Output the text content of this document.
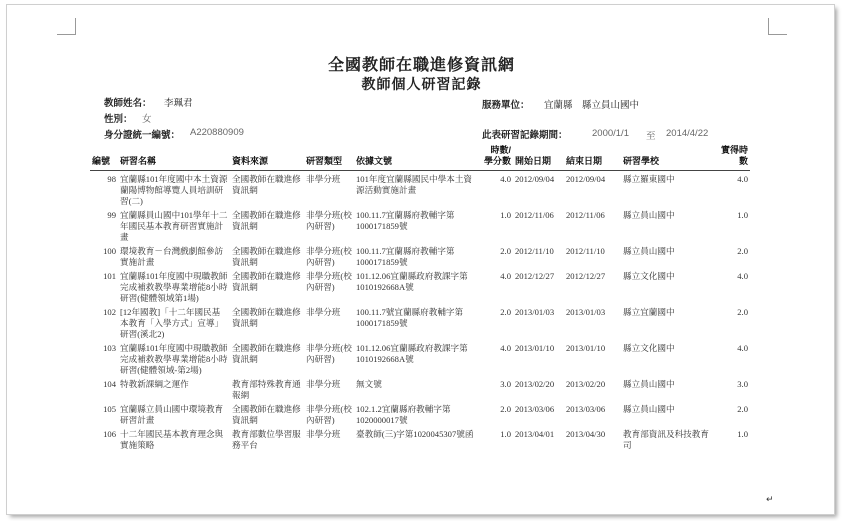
全國教師在職進修資訊網
教師個人研習記錄
教師姓名： 李珮君
性別： 女
身分證統一編號： A220880909
服務單位： 宜蘭縣　縣立員山國中
此表研習記錄期間：	2000/1/1 至 2014/4/22
編號	研習名稱	資料來源	研習類型	依據文號	時數/學分數	開始日期	結束日期	研習學校	實得時數
98	宜蘭縣101年度國中本土資源蘭陽博物館導覽人員培訓研習(二)	全國教師在職進修資訊網	非學分班	101年度宜蘭縣國民中學本土資源活動實施計畫	4.0	2012/09/04	2012/09/04	縣立羅東國中	4.0
99	宜蘭縣員山國中101學年十二年國民基本教育研習實施計畫	全國教師在職進修資訊網	非學分班(校內研習)	100.11.7宜蘭縣府教輔字第1000171859號	1.0	2012/11/06	2012/11/06	縣立員山國中	1.0
100	環境教育－台灣戲劇館參訪實施計畫	全國教師在職進修資訊網	非學分班(校內研習)	100.11.7宜蘭縣府教輔字第1000171859號	2.0	2012/11/10	2012/11/10	縣立員山國中	2.0
101	宜蘭縣101年度國中現職教師完成補救教學專業增能8小時研習(健體領域第1場)	全國教師在職進修資訊網	非學分班(校內研習)	101.12.06宜蘭縣政府教課字第1010192668A號	4.0	2012/12/27	2012/12/27	縣立文化國中	4.0
102	[12年國教]「十二年國民基本教育「入學方式」宣導」研習(溪北2)	全國教師在職進修資訊網	非學分班	100.11.7號宜蘭縣府教輔字第1000171859號	2.0	2013/01/03	2013/01/03	縣立宜蘭國中	2.0
103	宜蘭縣101年度國中現職教師完成補救教學專業增能8小時研習(健體領域-第2場)	全國教師在職進修資訊網	非學分班(校內研習)	101.12.06宜蘭縣政府教課字第1010192668A號	4.0	2013/01/10	2013/01/10	縣立文化國中	4.0
104	特教新課綱之運作	教育部特殊教育通報網	非學分班	無文號	3.0	2013/02/20	2013/02/20	縣立員山國中	3.0
105	宜蘭縣立員山國中環境教育研習計畫	全國教師在職進修資訊網	非學分班(校內研習)	102.1.2宜蘭縣府教輔字第1020000017號	2.0	2013/03/06	2013/03/06	縣立員山國中	2.0
106	十二年國民基本教育理念與實施策略	教育部數位學習服務平台	非學分班	臺教師(三)字第1020045307號函	1.0	2013/04/01	2013/04/30	教育部資訊及科技教育司	1.0
↵
